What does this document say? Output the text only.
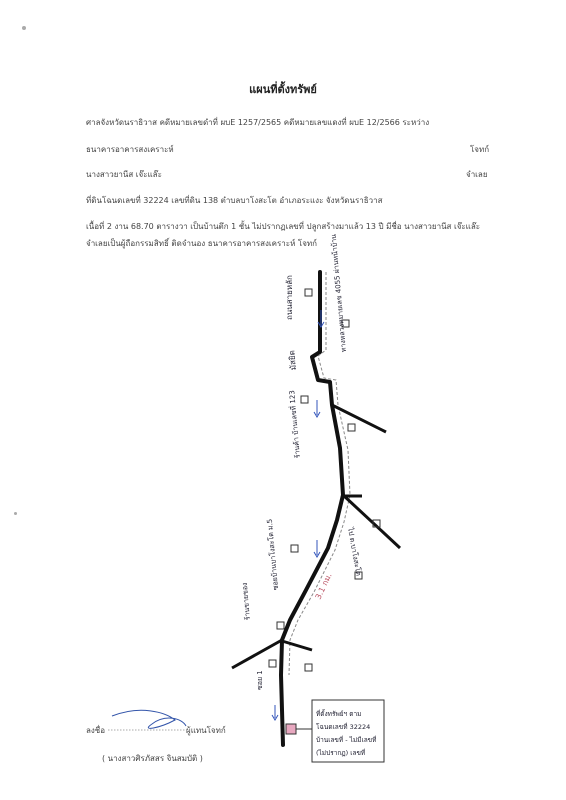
แผนที่ตั้งทรัพย์
ศาลจังหวัดนราธิวาส คดีหมายเลขดำที่ ผบE 1257/2565 คดีหมายเลขแดงที่ ผบE 12/2566 ระหว่าง
ธนาคารอาคารสงเคราะห์	โจทก์
นางสาวยานีส เจ๊ะแล๊ะ	จำเลย
ที่ดินโฉนดเลขที่ 32224 เลขที่ดิน 138 ตำบลบาโงสะโต อำเภอระแงะ จังหวัดนราธิวาส
เนื้อที่ 2 งาน 68.70 ตารางวา เป็นบ้านตึก 1 ชั้น ไม่ปรากฏเลขที่ ปลูกสร้างมาแล้ว 13 ปี มีชื่อ นางสาวยานีส เจ๊ะแล๊ะ
จำเลยเป็นผู้ถือกรรมสิทธิ์ ติดจำนอง ธนาคารอาคารสงเคราะห์ โจทก์
ถนนสายหลัก	ทางหลวงหมายเลข 4055 ผ่านหน้าบ้าน
มัสยิด
ร้านค้า บ้านเลขที่ 123
ไป ต.บาโงสะโต
ซอยบ้านบาโงสะโต ม.5
ร้านขายของ
ซอย 1
3.1 กม.
ที่ตั้งทรัพย์ฯ ตาม
โฉนดเลขที่ 32224
บ้านเลขที่ - ไม่มีเลขที่
(ไม่ปรากฏ) เลขที่
ลงชื่อ	ผู้แทนโจทก์
( นางสาวศิรภัสสร จินสมบัติ )
